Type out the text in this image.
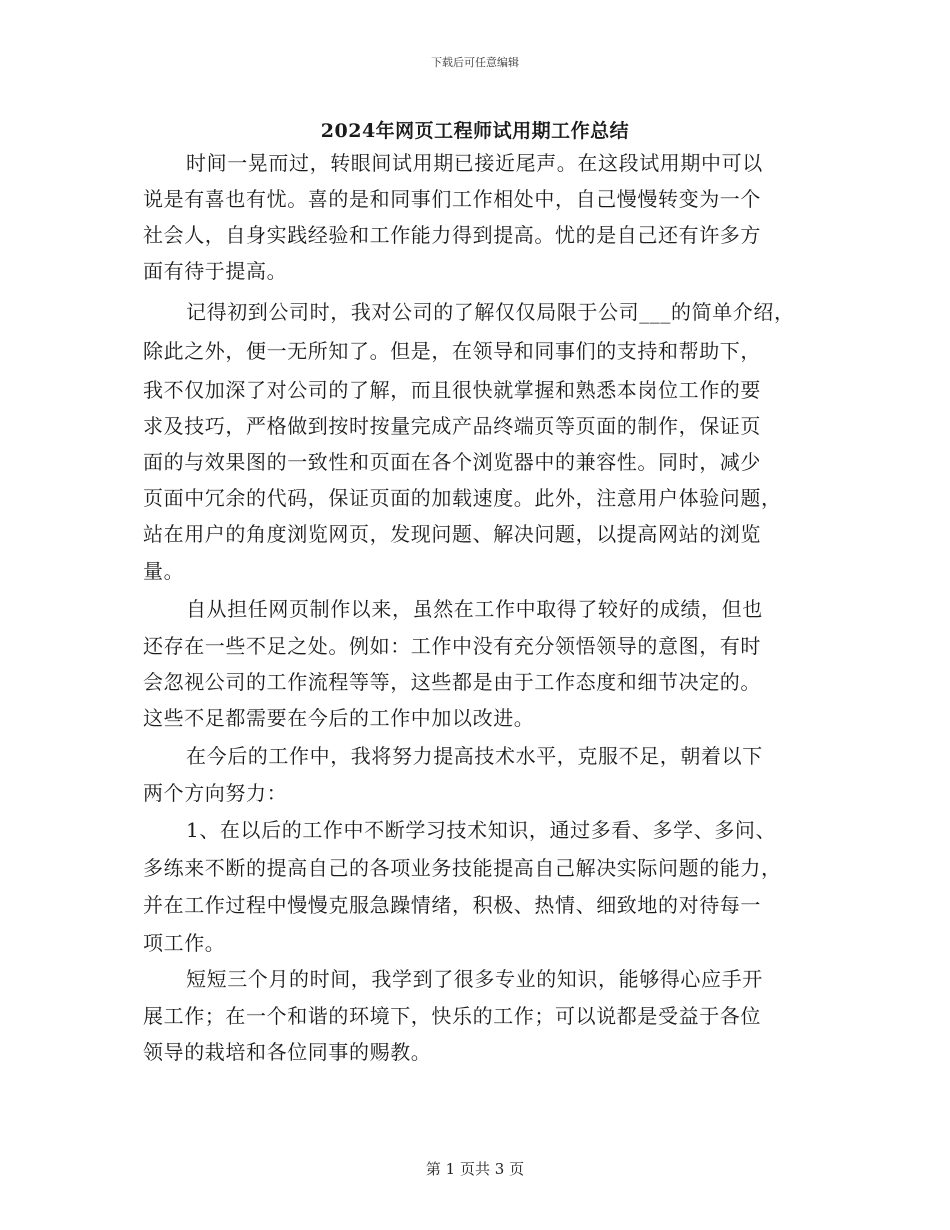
下载后可任意编辑
2024年网页工程师试用期工作总结
时间一晃而过，转眼间试用期已接近尾声。在这段试用期中可以
说是有喜也有忧。喜的是和同事们工作相处中，自己慢慢转变为一个
社会人，自身实践经验和工作能力得到提高。忧的是自己还有许多方
面有待于提高。
记得初到公司时，我对公司的了解仅仅局限于公司___的简单介绍，
除此之外，便一无所知了。但是，在领导和同事们的支持和帮助下，
我不仅加深了对公司的了解，而且很快就掌握和熟悉本岗位工作的要
求及技巧，严格做到按时按量完成产品终端页等页面的制作，保证页
面的与效果图的一致性和页面在各个浏览器中的兼容性。同时，减少
页面中冗余的代码，保证页面的加载速度。此外，注意用户体验问题，
站在用户的角度浏览网页，发现问题、解决问题，以提高网站的浏览
量。
自从担任网页制作以来，虽然在工作中取得了较好的成绩，但也
还存在一些不足之处。例如：工作中没有充分领悟领导的意图，有时
会忽视公司的工作流程等等，这些都是由于工作态度和细节决定的。
这些不足都需要在今后的工作中加以改进。
在今后的工作中，我将努力提高技术水平，克服不足，朝着以下
两个方向努力：
1、在以后的工作中不断学习技术知识，通过多看、多学、多问、
多练来不断的提高自己的各项业务技能提高自己解决实际问题的能力，
并在工作过程中慢慢克服急躁情绪，积极、热情、细致地的对待每一
项工作。
短短三个月的时间，我学到了很多专业的知识，能够得心应手开
展工作；在一个和谐的环境下，快乐的工作；可以说都是受益于各位
领导的栽培和各位同事的赐教。
第 1 页共 3 页
